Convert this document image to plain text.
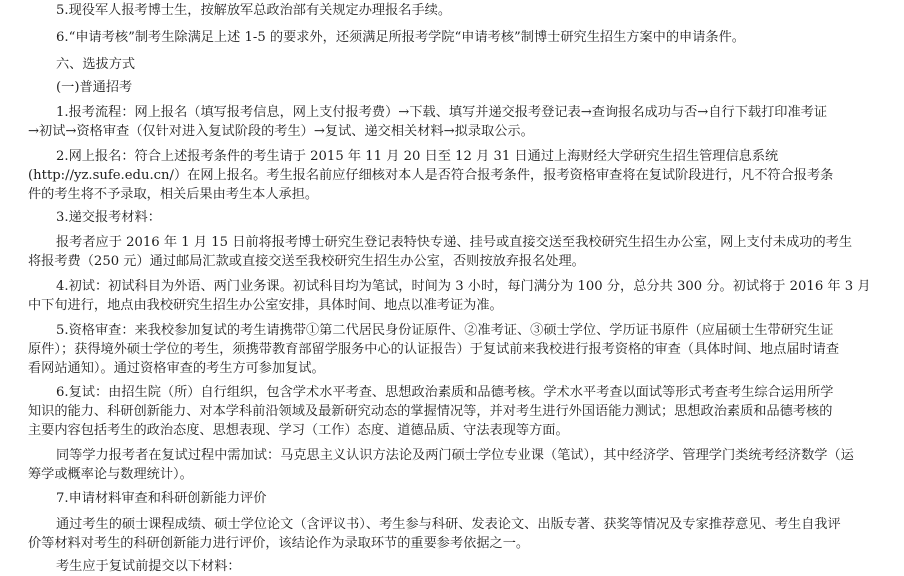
5.现役军人报考博士生，按解放军总政治部有关规定办理报名手续。
6.“申请考核”制考生除满足上述 1-5 的要求外，还须满足所报考学院“申请考核”制博士研究生招生方案中的申请条件。
六、选拔方式
(一)普通招考
1.报考流程：网上报名（填写报考信息，网上支付报考费）→下载、填写并递交报考登记表→查询报名成功与否→自行下载打印准考证
→初试→资格审查（仅针对进入复试阶段的考生）→复试、递交相关材料→拟录取公示。
2.网上报名：符合上述报考条件的考生请于 2015 年 11 月 20 日至 12 月 31 日通过上海财经大学研究生招生管理信息系统
(http://yz.sufe.edu.cn/）在网上报名。考生报名前应仔细核对本人是否符合报考条件，报考资格审查将在复试阶段进行，凡不符合报考条
件的考生将不予录取，相关后果由考生本人承担。
3.递交报考材料：
报考者应于 2016 年 1 月 15 日前将报考博士研究生登记表特快专递、挂号或直接交送至我校研究生招生办公室，网上支付未成功的考生
将报考费（250 元）通过邮局汇款或直接交送至我校研究生招生办公室，否则按放弃报名处理。
4.初试：初试科目为外语、两门业务课。初试科目均为笔试，时间为 3 小时，每门满分为 100 分，总分共 300 分。初试将于 2016 年 3 月
中下旬进行，地点由我校研究生招生办公室安排，具体时间、地点以准考证为准。
5.资格审查：来我校参加复试的考生请携带①第二代居民身份证原件、②准考证、③硕士学位、学历证书原件（应届硕士生带研究生证
原件）；获得境外硕士学位的考生，须携带教育部留学服务中心的认证报告）于复试前来我校进行报考资格的审查（具体时间、地点届时请查
看网站通知）。通过资格审查的考生方可参加复试。
6.复试：由招生院（所）自行组织，包含学术水平考查、思想政治素质和品德考核。学术水平考查以面试等形式考查考生综合运用所学
知识的能力、科研创新能力、对本学科前沿领域及最新研究动态的掌握情况等，并对考生进行外国语能力测试；思想政治素质和品德考核的
主要内容包括考生的政治态度、思想表现、学习（工作）态度、道德品质、守法表现等方面。
同等学力报考者在复试过程中需加试：马克思主义认识方法论及两门硕士学位专业课（笔试），其中经济学、管理学门类统考经济数学（运
筹学或概率论与数理统计）。
7.申请材料审查和科研创新能力评价
通过考生的硕士课程成绩、硕士学位论文（含评议书）、考生参与科研、发表论文、出版专著、获奖等情况及专家推荐意见、考生自我评
价等材料对考生的科研创新能力进行评价，该结论作为录取环节的重要参考依据之一。
考生应于复试前提交以下材料：
